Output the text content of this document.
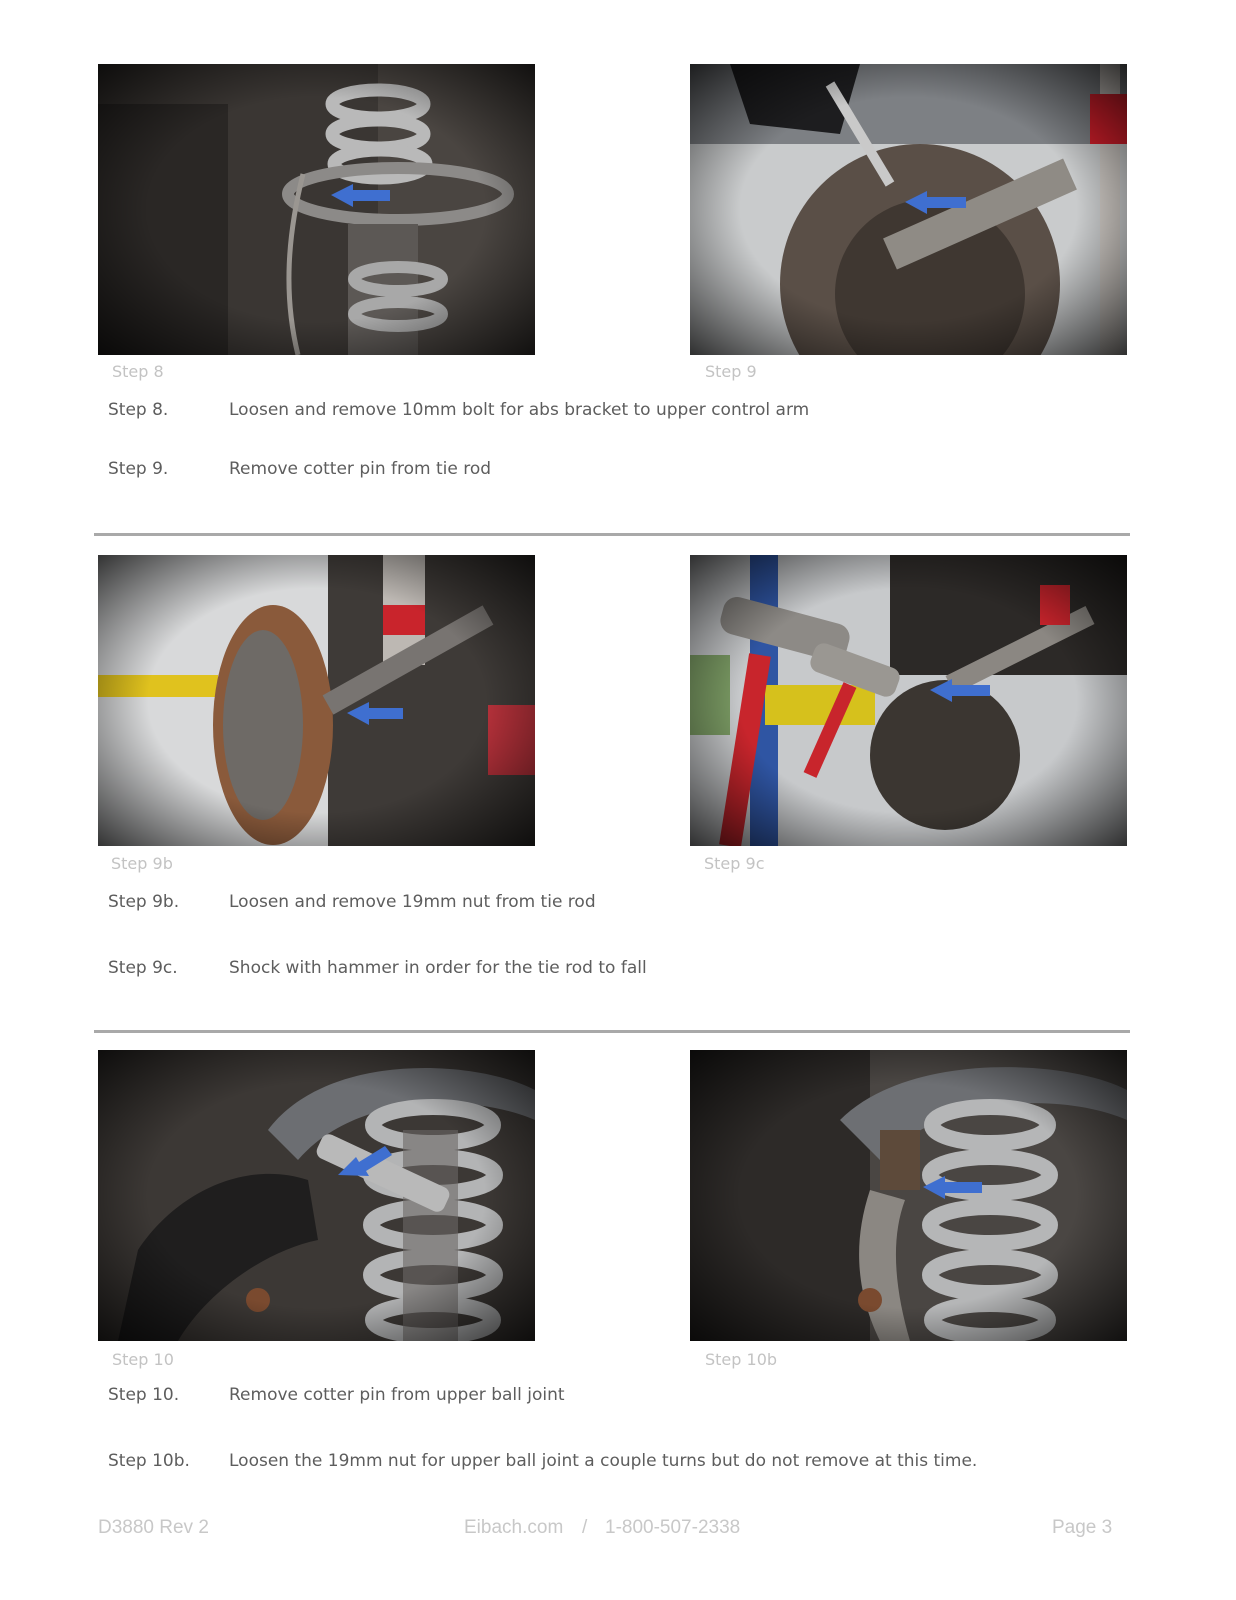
Step 8	Step 9
Step 8.	Loosen and remove 10mm bolt for abs bracket to upper control arm
Step 9.	Remove cotter pin from tie rod
Step 9b	Step 9c
Step 9b.	Loosen and remove 19mm nut from tie rod
Step 9c.	Shock with hammer in order for the tie rod to fall
Step 10	Step 10b
Step 10.	Remove cotter pin from upper ball joint
Step 10b. Loosen the 19mm nut for upper ball joint a couple turns but do not remove at this time.
D3880 Rev 2	Eibach.com / 1-800-507-2338	Page 3
